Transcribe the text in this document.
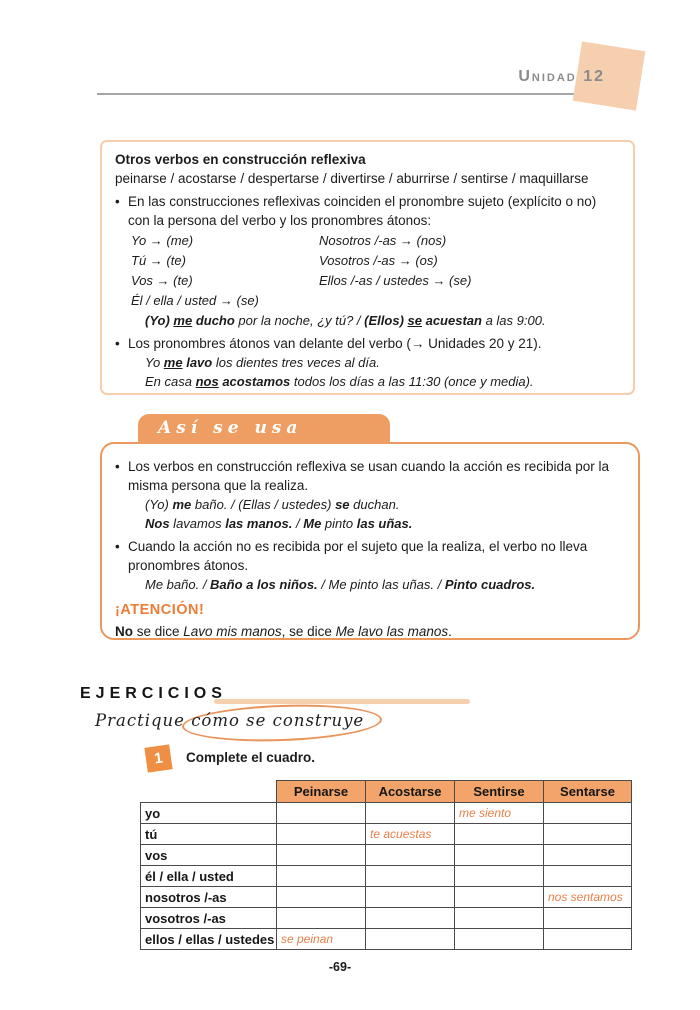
Unidad 12
Otros verbos en construcción reflexiva
peinarse / acostarse / despertarse / divertirse / aburrirse / sentirse / maquillarse
• En las construcciones reflexivas coinciden el pronombre sujeto (explícito o no) con la persona del verbo y los pronombres átonos:
Yo → (me)
Tú → (te)
Vos → (te)
Él / ella / usted → (se)
Nosotros /-as → (nos)
Vosotros /-as → (os)
Ellos /-as / ustedes → (se)
(Yo) me ducho por la noche, ¿y tú? / (Ellos) se acuestan a las 9:00.
• Los pronombres átonos van delante del verbo (→ Unidades 20 y 21).
Yo me lavo los dientes tres veces al día.
En casa nos acostamos todos los días a las 11:30 (once y media).
Así se usa
• Los verbos en construcción reflexiva se usan cuando la acción es recibida por la misma persona que la realiza.
(Yo) me baño. / (Ellas / ustedes) se duchan.
Nos lavamos las manos. / Me pinto las uñas.
• Cuando la acción no es recibida por el sujeto que la realiza, el verbo no lleva pronombres átonos.
Me baño. / Baño a los niños. / Me pinto las uñas. / Pinto cuadros.
¡ATENCIÓN!
No se dice Lavo mis manos, se dice Me lavo las manos.
EJERCICIOS
Practique cómo se construye
1	Complete el cuadro.
	Peinarse	Acostarse	Sentirse	Sentarse
yo			me siento	
tú		te acuestas		
vos				
él / ella / usted				
nosotros /-as				nos sentamos
vosotros /-as				
ellos / ellas / ustedes	se peinan			
-69-
